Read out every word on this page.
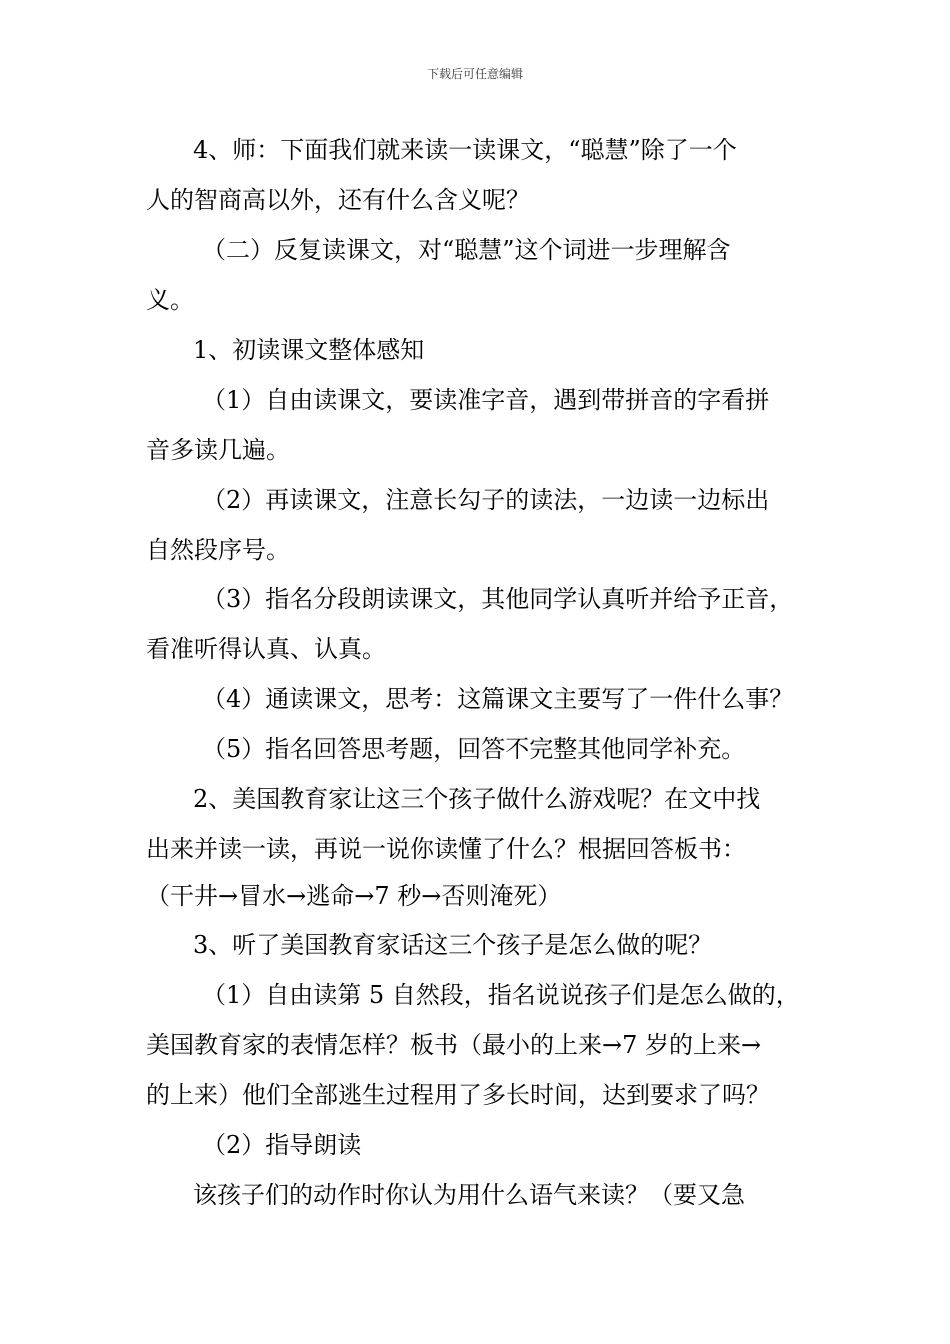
下载后可任意编辑
4、师：下面我们就来读一读课文，“聪慧”除了一个
人的智商高以外，还有什么含义呢？
（二）反复读课文，对“聪慧”这个词进一步理解含
义。
1、初读课文整体感知
（1）自由读课文，要读准字音，遇到带拼音的字看拼
音多读几遍。
（2）再读课文，注意长勾子的读法，一边读一边标出
自然段序号。
（3）指名分段朗读课文，其他同学认真听并给予正音，
看准听得认真、认真。
（4）通读课文，思考：这篇课文主要写了一件什么事？
（5）指名回答思考题，回答不完整其他同学补充。
2、美国教育家让这三个孩子做什么游戏呢？在文中找
出来并读一读，再说一说你读懂了什么？根据回答板书：
（干井→冒水→逃命→7 秒→否则淹死）
3、听了美国教育家话这三个孩子是怎么做的呢？
（1）自由读第 5 自然段，指名说说孩子们是怎么做的，
美国教育家的表情怎样？板书（最小的上来→7 岁的上来→
的上来）他们全部逃生过程用了多长时间，达到要求了吗？
（2）指导朗读
该孩子们的动作时你认为用什么语气来读？（要又急
